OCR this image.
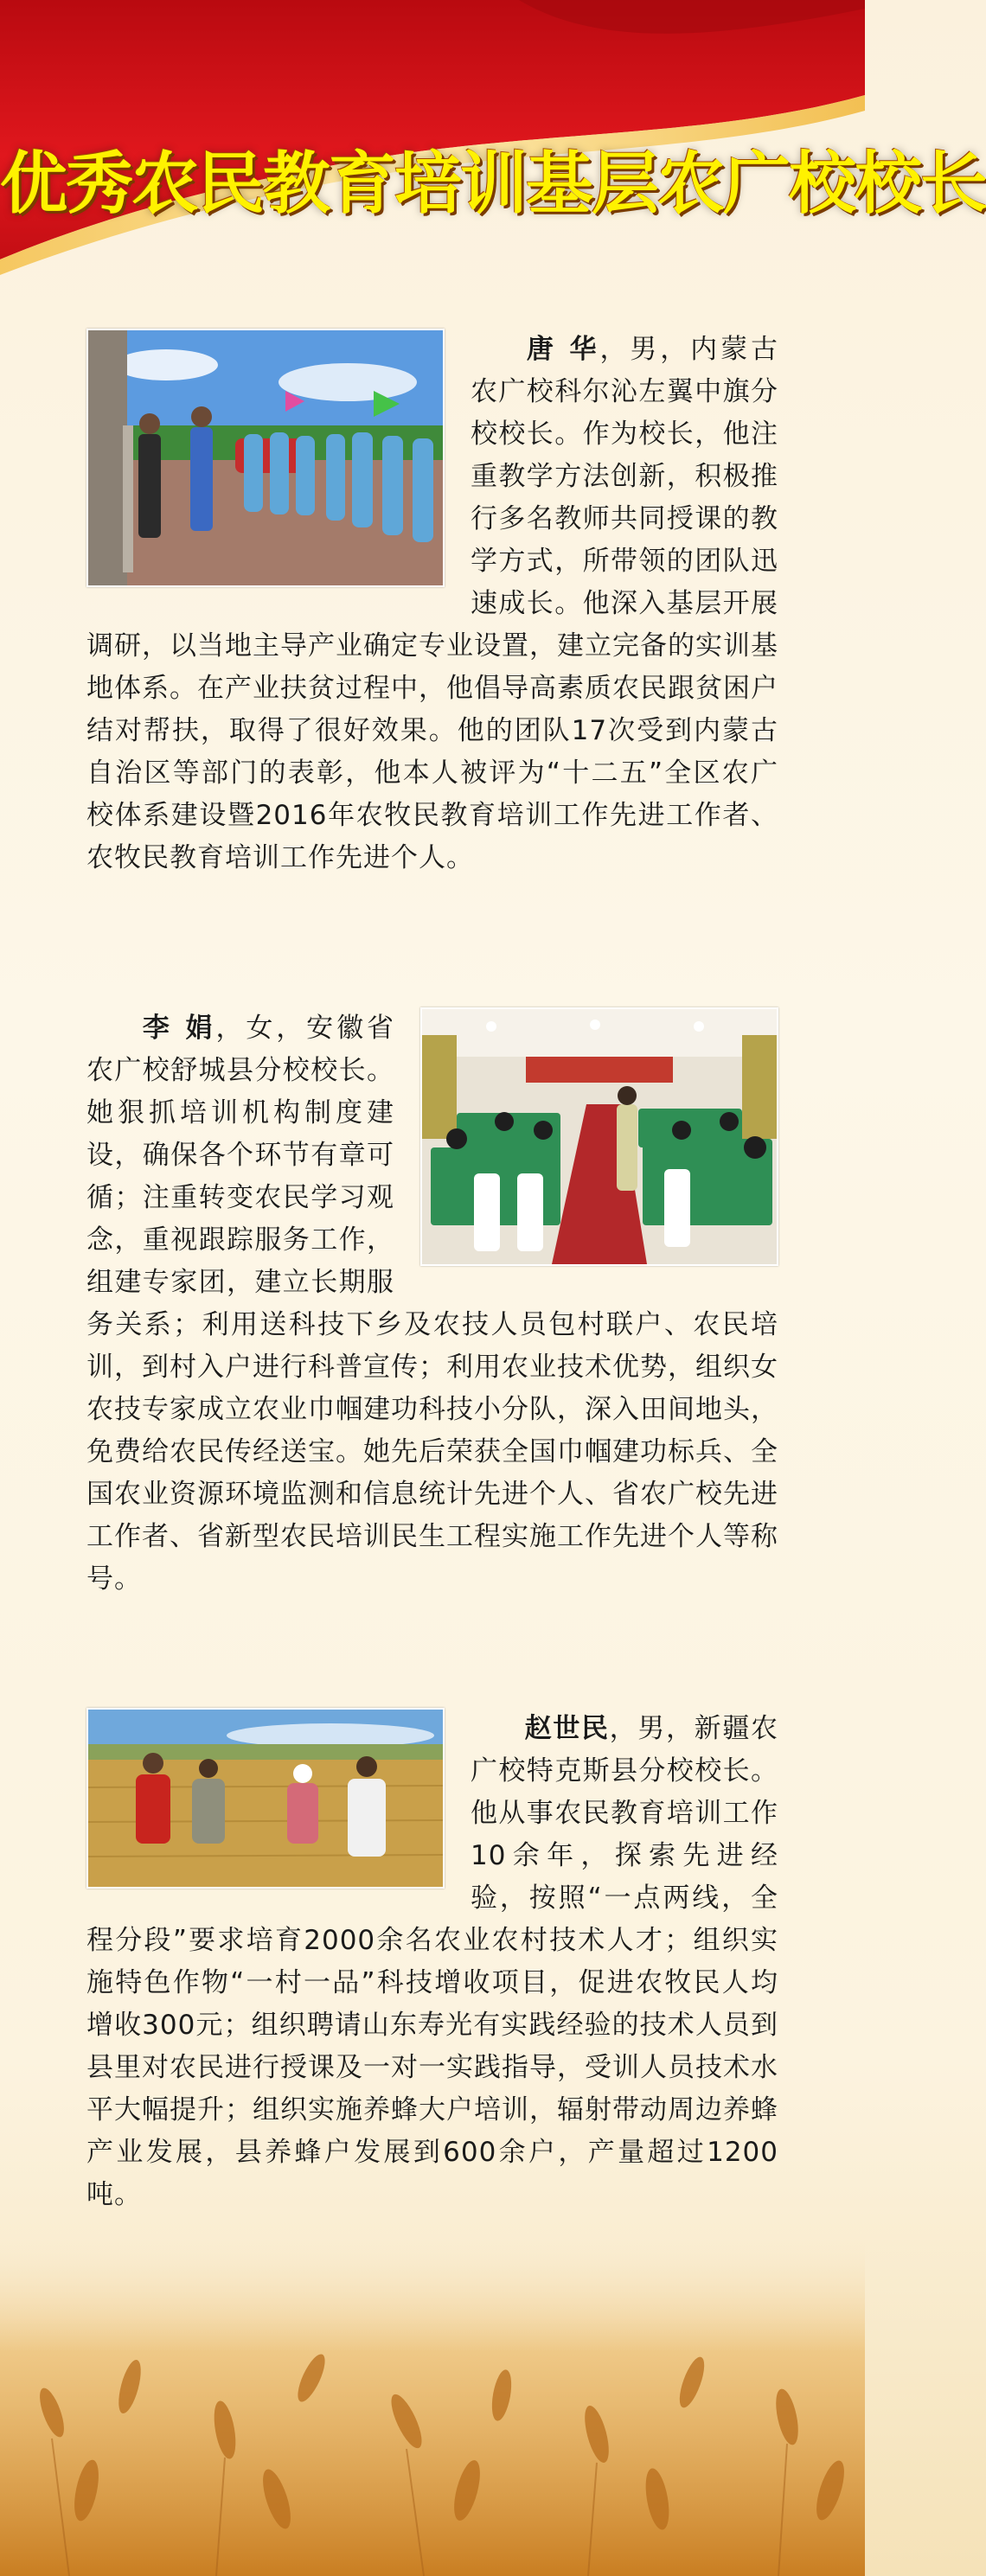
优秀农民教育培训基层农广校校长
唐 华，男，内蒙古农广校科尔沁左翼中旗分校校长。作为校长，他注重教学方法创新，积极推行多名教师共同授课的教学方式，所带领的团队迅速成长。他深入基层开展调研，以当地主导产业确定专业设置，建立完备的实训基地体系。在产业扶贫过程中，他倡导高素质农民跟贫困户结对帮扶，取得了很好效果。他的团队17次受到内蒙古自治区等部门的表彰，他本人被评为“十二五”全区农广校体系建设暨2016年农牧民教育培训工作先进工作者、农牧民教育培训工作先进个人。
李 娟，女，安徽省农广校舒城县分校校长。她狠抓培训机构制度建设，确保各个环节有章可循；注重转变农民学习观念，重视跟踪服务工作，组建专家团，建立长期服务关系；利用送科技下乡及农技人员包村联户、农民培训，到村入户进行科普宣传；利用农业技术优势，组织女农技专家成立农业巾帼建功科技小分队，深入田间地头，免费给农民传经送宝。她先后荣获全国巾帼建功标兵、全国农业资源环境监测和信息统计先进个人、省农广校先进工作者、省新型农民培训民生工程实施工作先进个人等称号。
赵世民，男，新疆农广校特克斯县分校校长。他从事农民教育培训工作10余年，探索先进经验，按照“一点两线，全程分段”要求培育2000余名农业农村技术人才；组织实施特色作物“一村一品”科技增收项目，促进农牧民人均增收300元；组织聘请山东寿光有实践经验的技术人员到县里对农民进行授课及一对一实践指导，受训人员技术水平大幅提升；组织实施养蜂大户培训，辐射带动周边养蜂产业发展，县养蜂户发展到600余户，产量超过1200吨。
